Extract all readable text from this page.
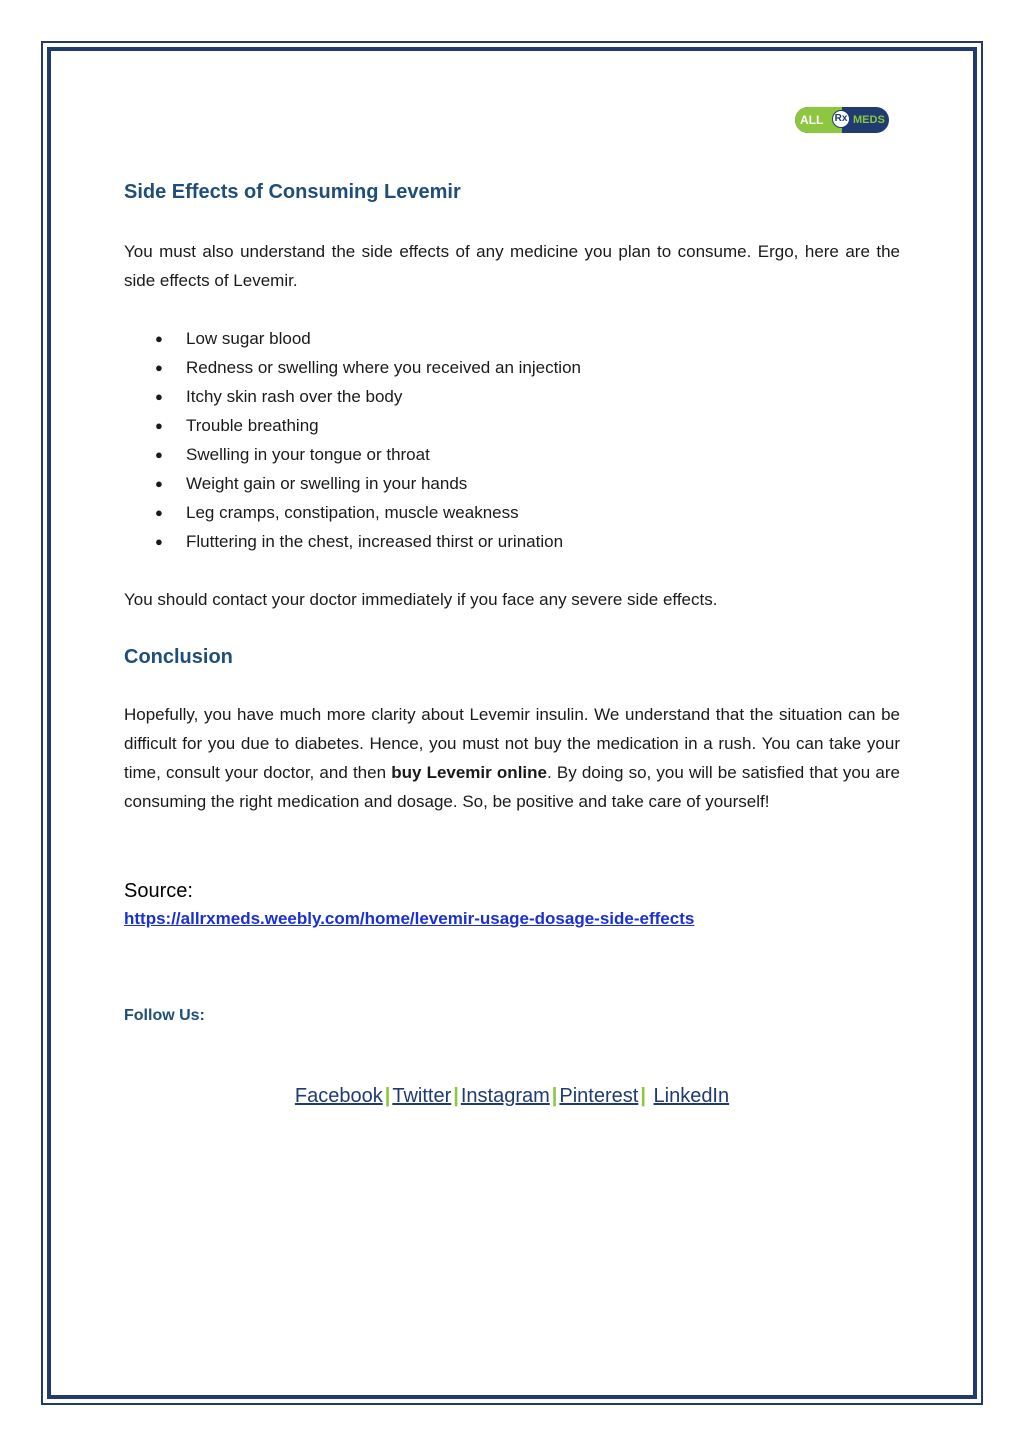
ALL Rx MEDS
Side Effects of Consuming Levemir

You must also understand the side effects of any medicine you plan to consume. Ergo, here are the side effects of Levemir.

● Low sugar blood
● Redness or swelling where you received an injection
● Itchy skin rash over the body
● Trouble breathing
● Swelling in your tongue or throat
● Weight gain or swelling in your hands
● Leg cramps, constipation, muscle weakness
● Fluttering in the chest, increased thirst or urination

You should contact your doctor immediately if you face any severe side effects.

Conclusion

Hopefully, you have much more clarity about Levemir insulin. We understand that the situation can be difficult for you due to diabetes. Hence, you must not buy the medication in a rush. You can take your time, consult your doctor, and then buy Levemir online. By doing so, you will be satisfied that you are consuming the right medication and dosage. So, be positive and take care of yourself!

Source:
https://allrxmeds.weebly.com/home/levemir-usage-dosage-side-effects
Follow Us:
Facebook | Twitter | Instagram | Pinterest | LinkedIn
